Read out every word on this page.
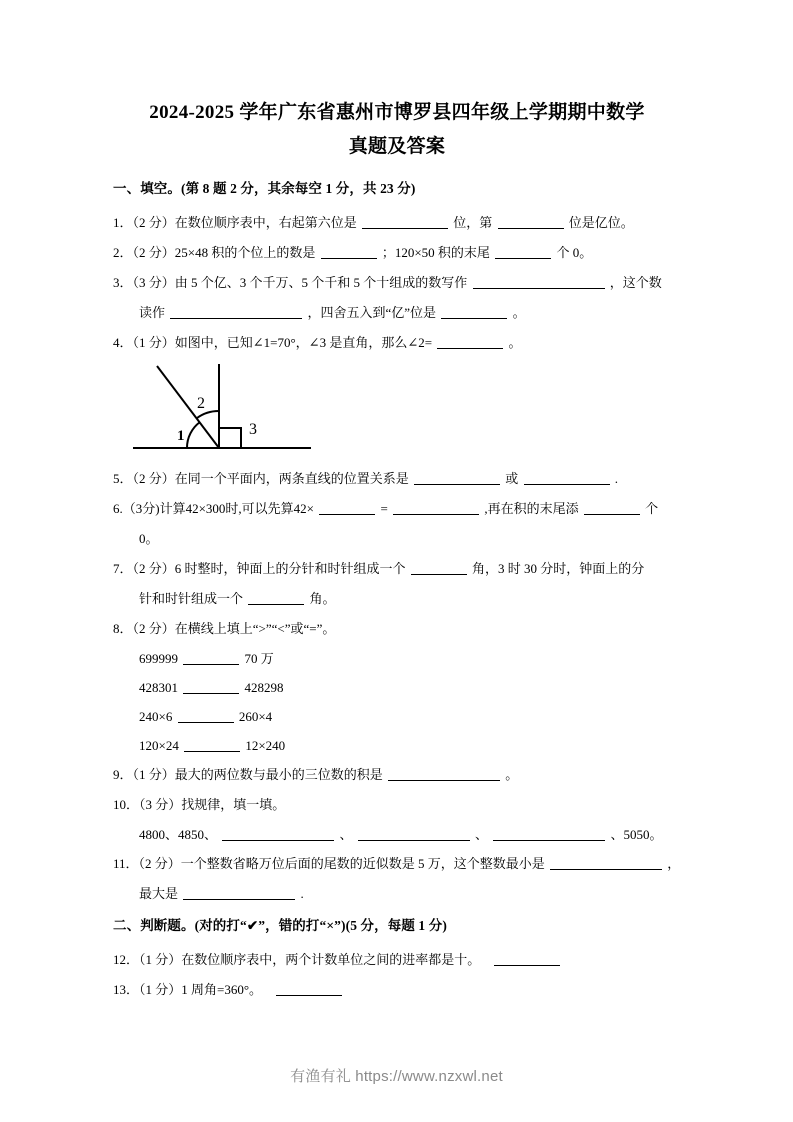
2024-2025 学年广东省惠州市博罗县四年级上学期期中数学
真题及答案
一、填空。(第 8 题 2 分，其余每空 1 分，共 23 分)
1．（2 分）在数位顺序表中，右起第六位是	位，第	位是亿位。
2．（2 分）25×48 积的个位上的数是	；120×50 积的末尾	个 0。
3．（3 分）由 5 个亿、3 个千万、5 个千和 5 个十组成的数写作	，这个数
读作	，四舍五入到“亿”位是	。
4．（1 分）如图中，已知∠1=70°，∠3 是直角，那么∠2=	。
1
2
3
5．（2 分）在同一个平面内，两条直线的位置关系是	或	.
6.（3分)计算42×300时,可以先算42×	=	,再在积的末尾添	个
0。
7．（2 分）6 时整时，钟面上的分针和时针组成一个	角，3 时 30 分时，钟面上的分
针和时针组成一个	角。
8．（2 分）在横线上填上“>”“<”或“=”。
699999	70 万
428301	428298
240×6	260×4
120×24	12×240
9．（1 分）最大的两位数与最小的三位数的积是	。
10．（3 分）找规律，填一填。
4800、4850、	、	、	、5050。
11．（2 分）一个整数省略万位后面的尾数的近似数是 5 万，这个整数最小是	，
最大是	.
二、判断题。(对的打“✔”，错的打“×”)(5 分，每题 1 分)
12．（1 分）在数位顺序表中，两个计数单位之间的进率都是十。
13．（1 分）1 周角=360°。
有渔有礼 https://www.nzxwl.net
